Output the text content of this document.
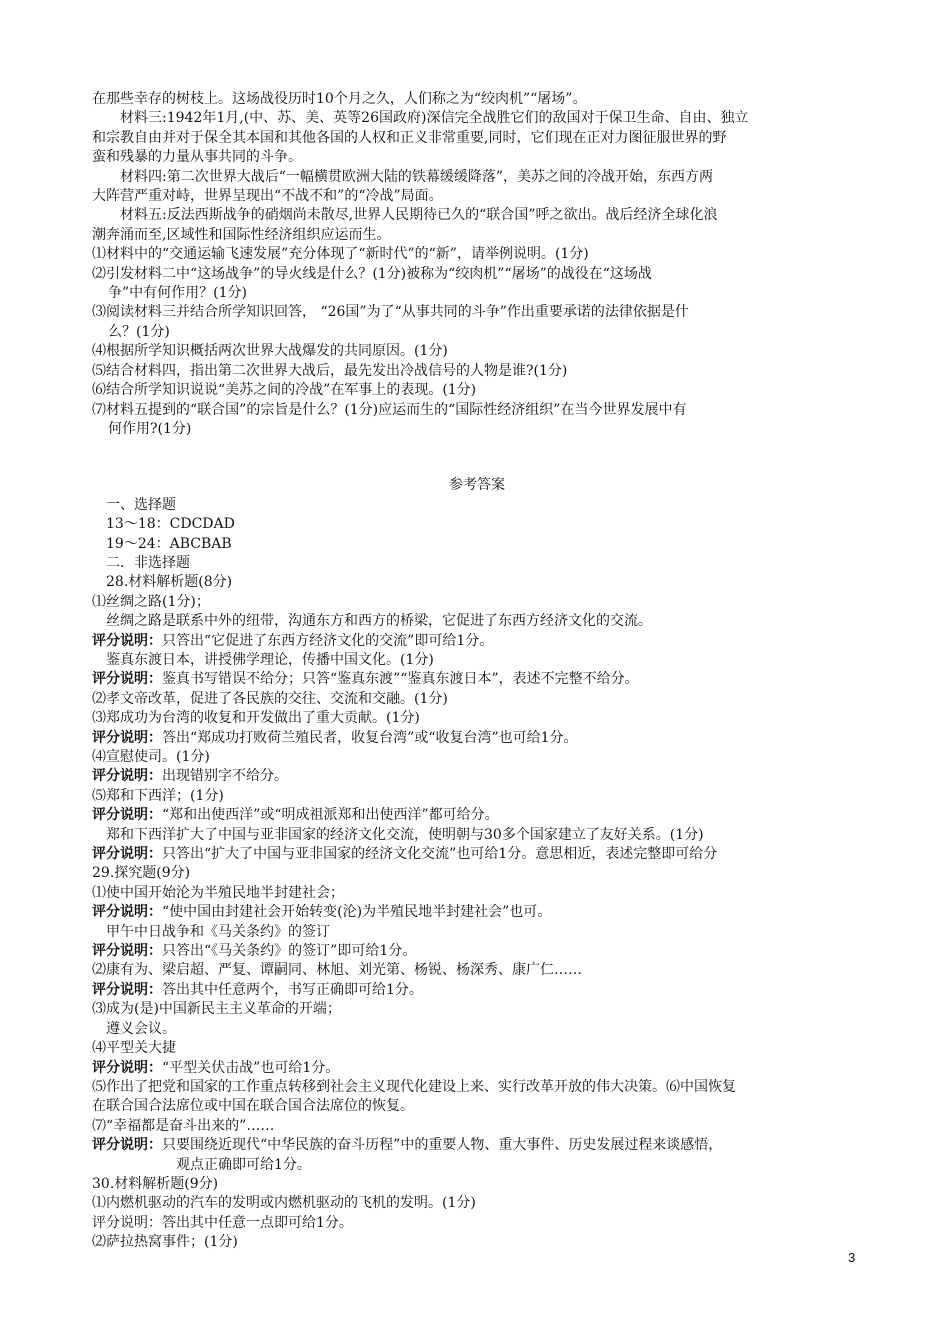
在那些幸存的树枝上。这场战役历时10个月之久，人们称之为“绞肉机”“屠场”。
材料三:1942年1月,(中、苏、美、英等26国政府)深信完全战胜它们的敌国对于保卫生命、自由、独立
和宗教自由并对于保全其本国和其他各国的人权和正义非常重要,同时，它们现在正对力图征服世界的野
蛮和残暴的力量从事共同的斗争。
材料四:第二次世界大战后“一幅横贯欧洲大陆的铁幕缓缓降落”，美苏之间的冷战开始，东西方两
大阵营严重对峙，世界呈现出“不战不和”的“冷战”局面。
材料五:反法西斯战争的硝烟尚未散尽,世界人民期待已久的“联合国”呼之欲出。战后经济全球化浪
潮奔涌而至,区域性和国际性经济组织应运而生。
⑴材料中的“交通运输飞速发展”充分体现了“新时代”的“新”，请举例说明。(1分)
⑵引发材料二中“这场战争”的导火线是什么？(1分)被称为“绞肉机”“屠场”的战役在“这场战
争”中有何作用？(1分)
⑶阅读材料三并结合所学知识回答， “26国”为了“从事共同的斗争”作出重要承诺的法律依据是什
么？(1分)
⑷根据所学知识概括两次世界大战爆发的共同原因。(1分)
⑸结合材料四，指出第二次世界大战后，最先发出冷战信号的人物是谁?(1分)
⑹结合所学知识说说“美苏之间的冷战”在军事上的表现。(1分)
⑺材料五提到的“联合国”的宗旨是什么？(1分)应运而生的“国际性经济组织”在当今世界发展中有
何作用?(1分)
参考答案
一、选择题
13～18：CDCDAD
19～24：ABCBAB
二．非选择题
28.材料解析题(8分)
⑴丝绸之路(1分)；
丝绸之路是联系中外的纽带，沟通东方和西方的桥梁，它促进了东西方经济文化的交流。
评分说明：只答出“它促进了东西方经济文化的交流”即可给1分。
鉴真东渡日本，讲授佛学理论，传播中国文化。(1分)
评分说明：鉴真书写错误不给分；只答“鉴真东渡”“鉴真东渡日本”，表述不完整不给分。
⑵孝文帝改革，促进了各民族的交往、交流和交融。(1分)
⑶郑成功为台湾的收复和开发做出了重大贡献。(1分)
评分说明：答出“郑成功打败荷兰殖民者，收复台湾”或“收复台湾”也可给1分。
⑷宣慰使司。(1分)
评分说明：出现错别字不给分。
⑸郑和下西洋；(1分)
评分说明：“郑和出使西洋”或“明成祖派郑和出使西洋”都可给分。
郑和下西洋扩大了中国与亚非国家的经济文化交流，使明朝与30多个国家建立了友好关系。(1分)
评分说明：只答出“扩大了中国与亚非国家的经济文化交流”也可给1分。意思相近，表述完整即可给分
29.探究题(9分)
⑴使中国开始沦为半殖民地半封建社会；
评分说明：“使中国由封建社会开始转变(沦)为半殖民地半封建社会”也可。
甲午中日战争和《马关条约》的签订
评分说明：只答出“《马关条约》的签订”即可给1分。
⑵康有为、梁启超、严复、谭嗣同、林旭、刘光第、杨锐、杨深秀、康广仁……
评分说明：答出其中任意两个，书写正确即可给1分。
⑶成为(是)中国新民主主义革命的开端；
遵义会议。
⑷平型关大捷
评分说明：“平型关伏击战”也可给1分。
⑸作出了把党和国家的工作重点转移到社会主义现代化建设上来、实行改革开放的伟大决策。⑹中国恢复
在联合国合法席位或中国在联合国合法席位的恢复。
⑺“幸福都是奋斗出来的”……
评分说明：只要围绕近现代“中华民族的奋斗历程”中的重要人物、重大事件、历史发展过程来谈感悟，
观点正确即可给1分。
30.材料解析题(9分)
⑴内燃机驱动的汽车的发明或内燃机驱动的飞机的发明。(1分)
评分说明：答出其中任意一点即可给1分。
⑵萨拉热窝事件；(1分)
3
